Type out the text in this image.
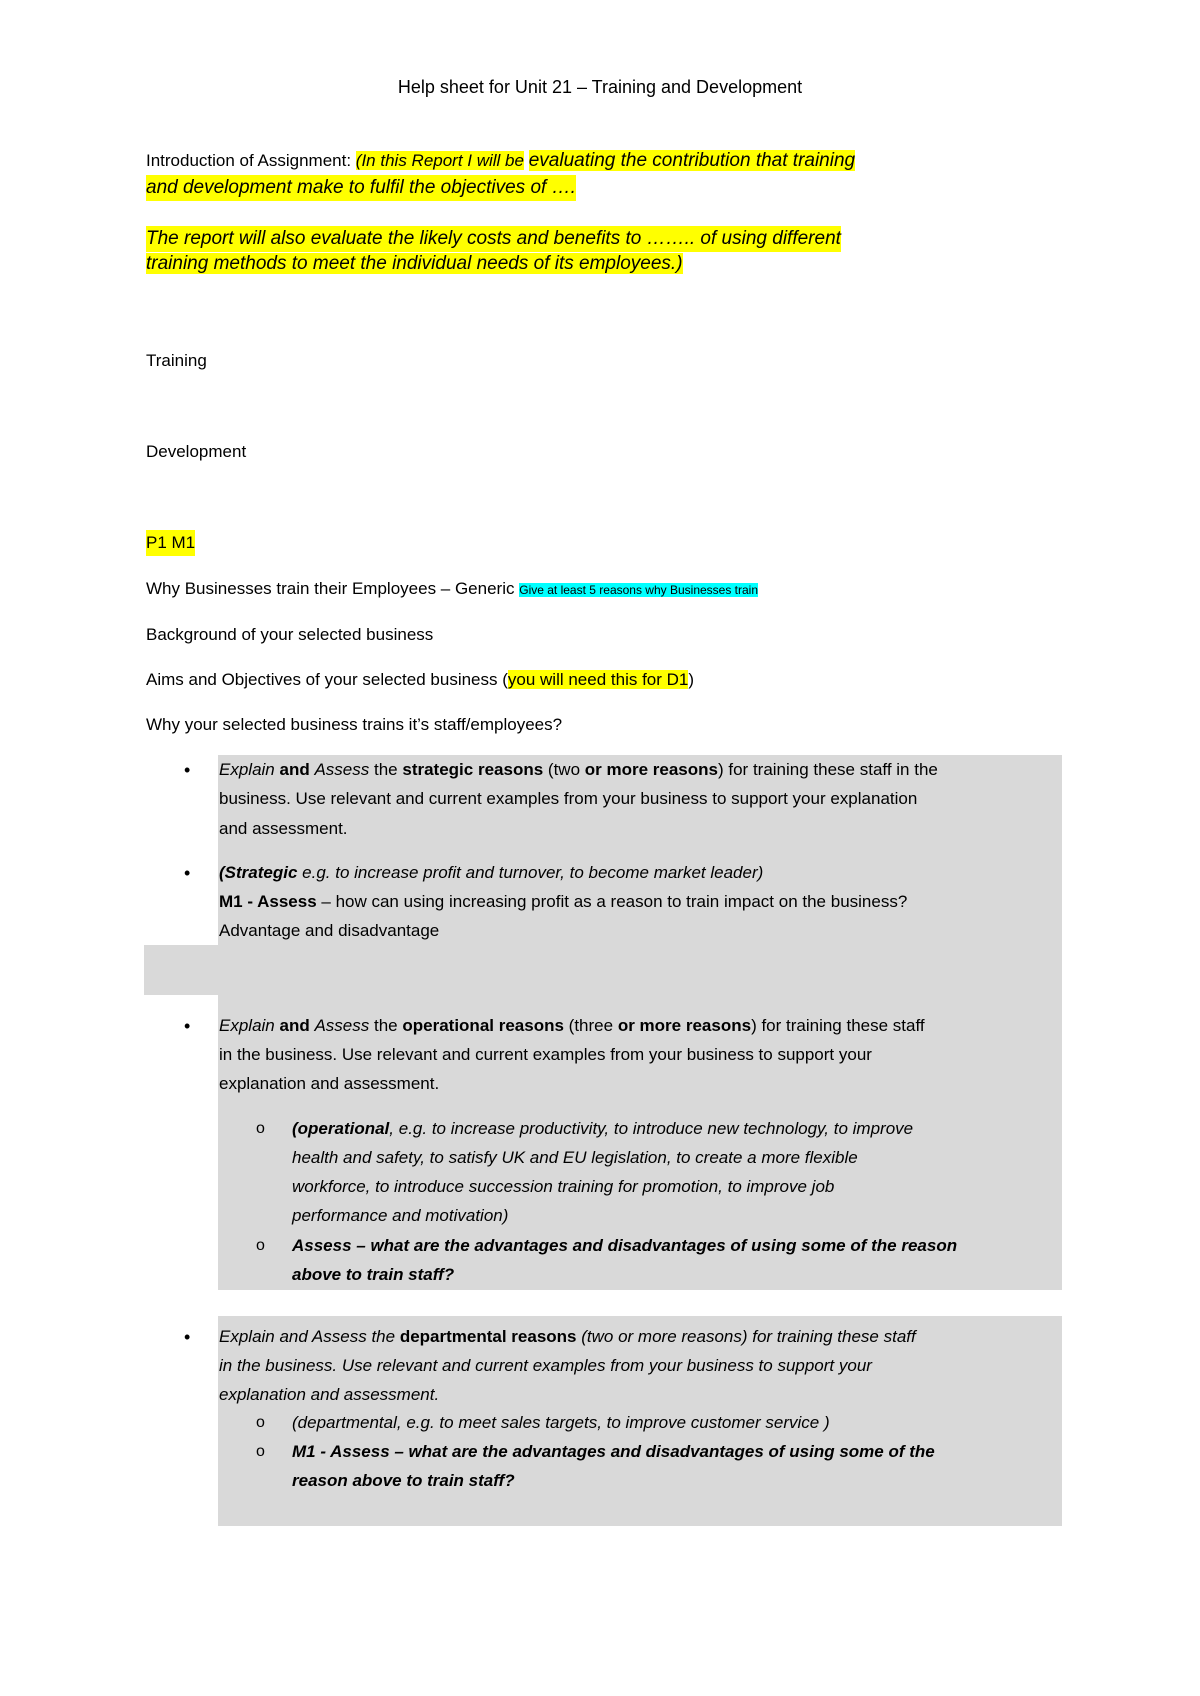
Help sheet for Unit 21 – Training and Development
Introduction of Assignment: (In this Report I will be evaluating the contribution that training
and development make to fulfil the objectives of ….
The report will also evaluate the likely costs and benefits to …….. of using different
training methods to meet the individual needs of its employees.)
Training
Development
P1 M1
Why Businesses train their Employees – Generic Give at least 5 reasons why Businesses train
Background of your selected business
Aims and Objectives of your selected business (you will need this for D1)
Why your selected business trains it’s staff/employees?
• Explain and Assess the strategic reasons (two or more reasons) for training these staff in the
business. Use relevant and current examples from your business to support your explanation
and assessment.
• (Strategic e.g. to increase profit and turnover, to become market leader)
M1 - Assess – how can using increasing profit as a reason to train impact on the business?
Advantage and disadvantage
• Explain and Assess the operational reasons (three or more reasons) for training these staff
in the business. Use relevant and current examples from your business to support your
explanation and assessment.
o (operational, e.g. to increase productivity, to introduce new technology, to improve
health and safety, to satisfy UK and EU legislation, to create a more flexible
workforce, to introduce succession training for promotion, to improve job
performance and motivation)
o Assess – what are the advantages and disadvantages of using some of the reason
above to train staff?
• Explain and Assess the departmental reasons (two or more reasons) for training these staff
in the business. Use relevant and current examples from your business to support your
explanation and assessment.
o (departmental, e.g. to meet sales targets, to improve customer service )
o M1 - Assess – what are the advantages and disadvantages of using some of the
reason above to train staff?
